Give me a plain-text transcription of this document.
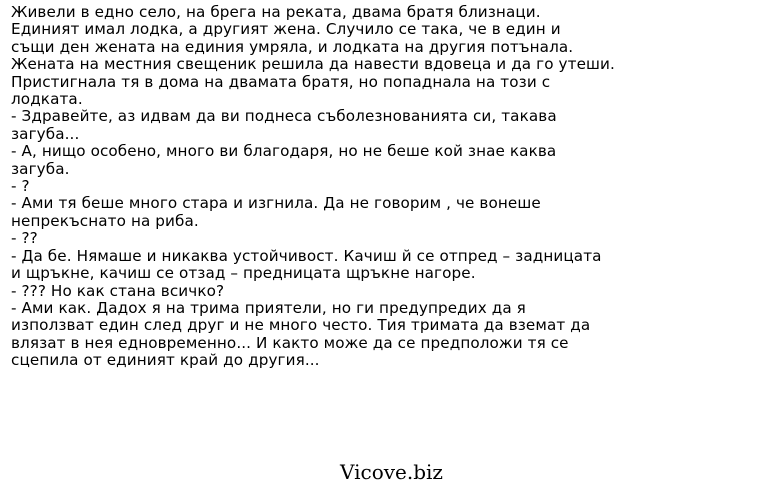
Живели в едно село, на брега на реката, двама братя близнаци.
Единият имал лодка, а другият жена. Случило се така, че в един и
същи ден жената на единия умряла, и лодката на другия потънала.
Жената на местния свещеник решила да навести вдовеца и да го утеши.
Пристигнала тя в дома на двамата братя, но попаднала на този с
лодката.
- Здравейте, аз идвам да ви поднеса съболезнованията си, такава
загуба...
- А, нищо особено, много ви благодаря, но не беше кой знае каква
загуба.
- ?
- Ами тя беше много стара и изгнила. Да не говорим , че вонеше
непрекъснато на риба.
- ??
- Да бе. Нямаше и никаква устойчивост. Качиш й се отпред – задницата
и щръкне, качиш се отзад – предницата щръкне нагоре.
- ??? Но как стана всичко?
- Ами как. Дадох я на трима приятели, но ги предупредих да я
използват един след друг и не много често. Тия тримата да вземат да
влязат в нея едновременно... И както може да се предположи тя се
сцепила от единият край до другия...
Vicove.biz
